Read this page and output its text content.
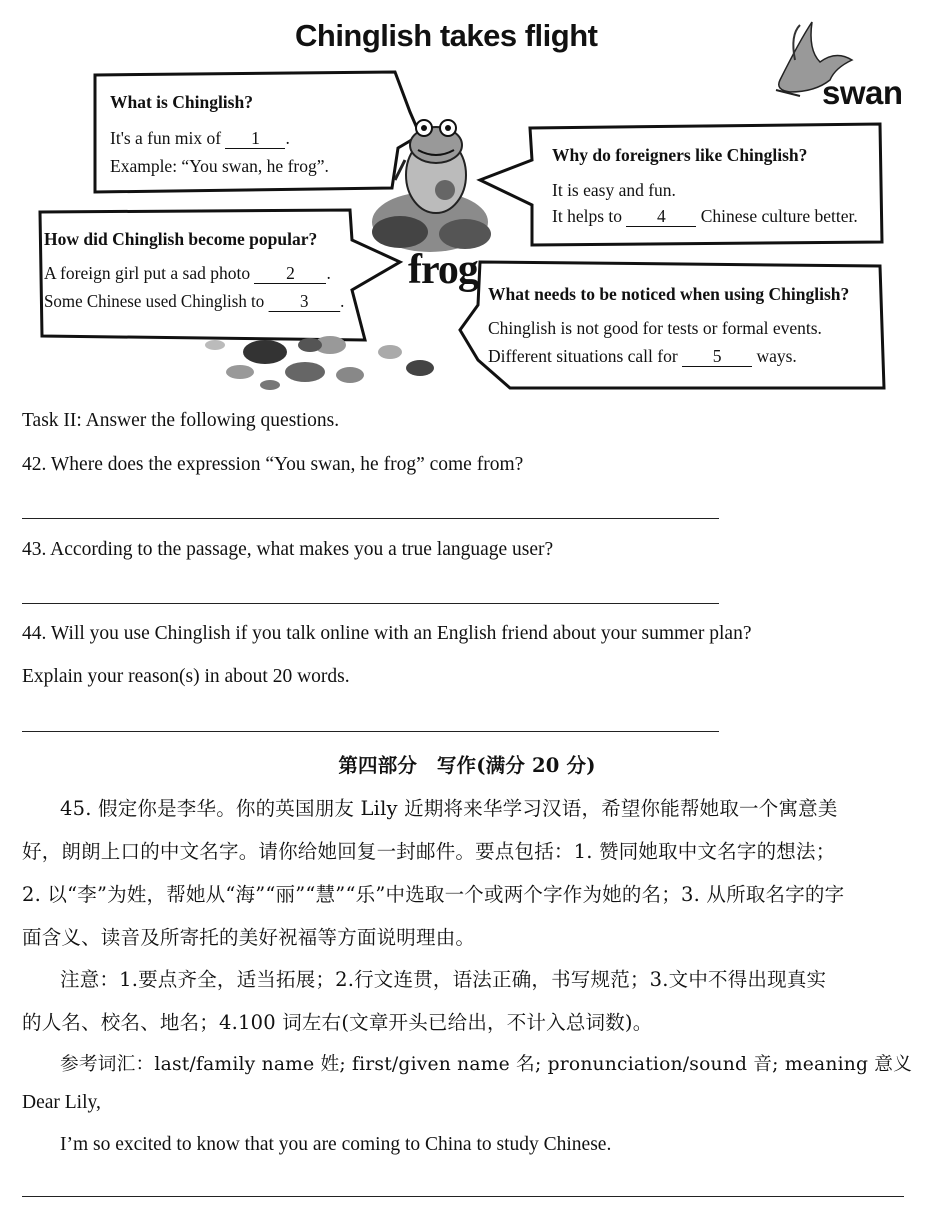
Chinglish takes flight
swan
frog
What is Chinglish?
It's a fun mix of 1 .
Example: “You swan, he frog”.
Why do foreigners like Chinglish?
It is easy and fun.
It helps to 4 Chinese culture better.
How did Chinglish become popular?
A foreign girl put a sad photo 2 .
Some Chinese used Chinglish to 3 .	What needs to be noticed when using Chinglish?
Chinglish is not good for tests or formal events.
Different situations call for 5 ways.
Task II: Answer the following questions.
42. Where does the expression “You swan, he frog” come from?
43. According to the passage, what makes you a true language user?
44. Will you use Chinglish if you talk online with an English friend about your summer plan?
Explain your reason(s) in about 20 words.
第四部分　写作(满分 20 分)
45. 假定你是李华。你的英国朋友 Lily 近期将来华学习汉语，希望你能帮她取一个寓意美
好，朗朗上口的中文名字。请你给她回复一封邮件。要点包括：1. 赞同她取中文名字的想法；
2. 以“李”为姓，帮她从“海”“丽”“慧”“乐”中选取一个或两个字作为她的名；3. 从所取名字的字
面含义、读音及所寄托的美好祝福等方面说明理由。
注意：1.要点齐全，适当拓展；2.行文连贯，语法正确，书写规范；3.文中不得出现真实
的人名、校名、地名；4.100 词左右(文章开头已给出，不计入总词数)。
参考词汇：last/family name 姓; first/given name 名; pronunciation/sound 音; meaning 意义
Dear Lily,
I’m so excited to know that you are coming to China to study Chinese.
